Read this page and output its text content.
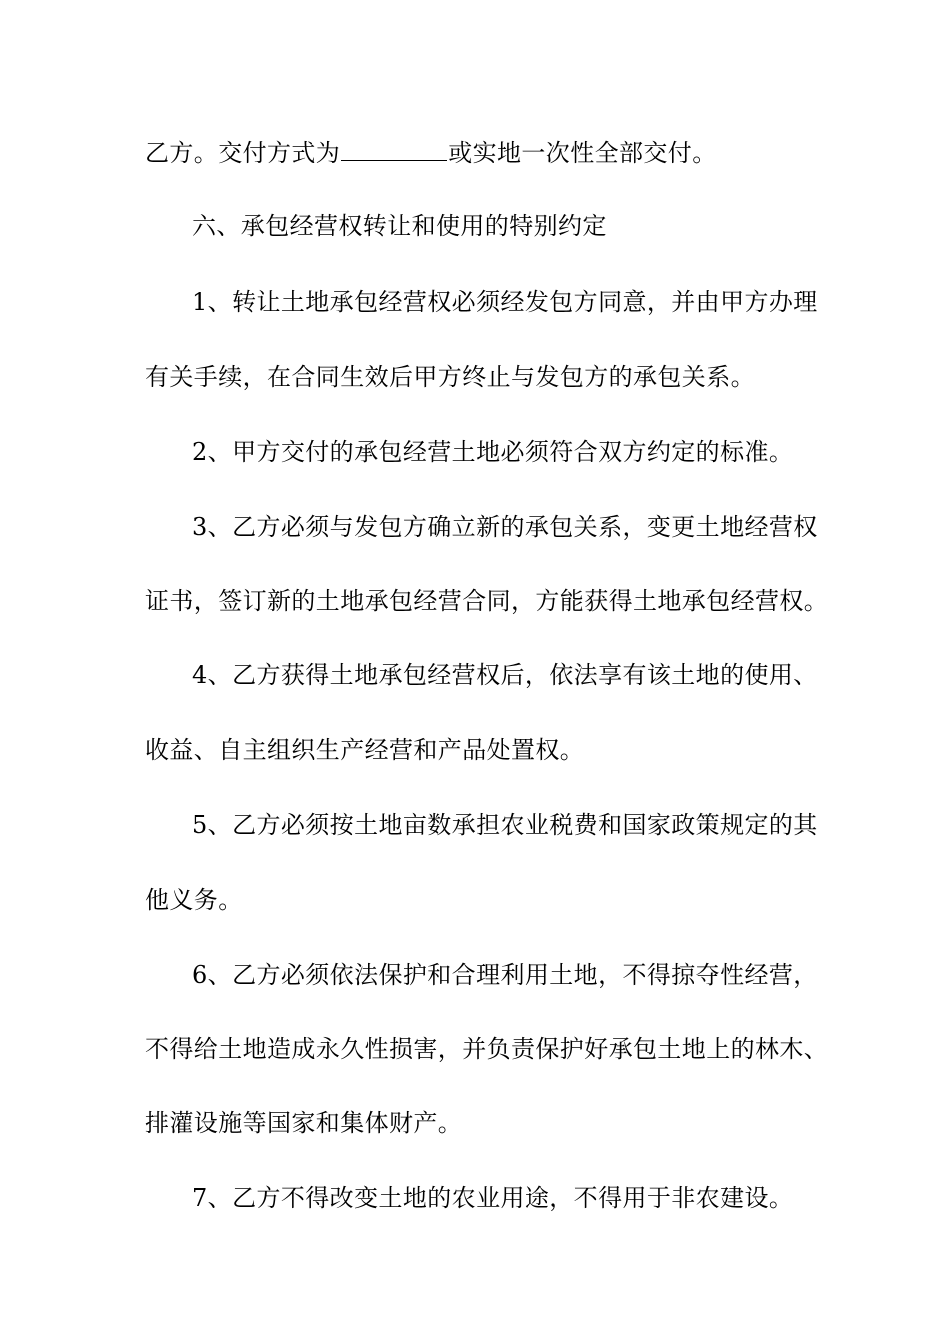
乙方。交付方式为	或实地一次性全部交付。
六、承包经营权转让和使用的特别约定
1、转让土地承包经营权必须经发包方同意，并由甲方办理
有关手续，在合同生效后甲方终止与发包方的承包关系。
2、甲方交付的承包经营土地必须符合双方约定的标准。
3、乙方必须与发包方确立新的承包关系，变更土地经营权
证书，签订新的土地承包经营合同，方能获得土地承包经营权。
4、乙方获得土地承包经营权后，依法享有该土地的使用、
收益、自主组织生产经营和产品处置权。
5、乙方必须按土地亩数承担农业税费和国家政策规定的其
他义务。
6、乙方必须依法保护和合理利用土地，不得掠夺性经营，
不得给土地造成永久性损害，并负责保护好承包土地上的林木、
排灌设施等国家和集体财产。
7、乙方不得改变土地的农业用途，不得用于非农建设。
